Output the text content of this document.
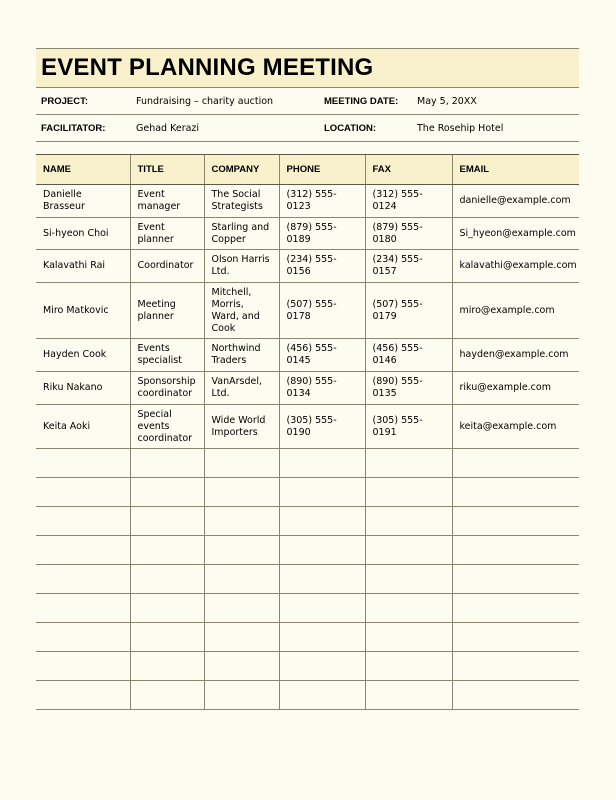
EVENT PLANNING MEETING
PROJECT:	Fundraising – charity auction	MEETING DATE:	May 5, 20XX
FACILITATOR:	Gehad Kerazi	LOCATION:	The Rosehip Hotel
NAME	TITLE	COMPANY	PHONE	FAX	EMAIL
Danielle Brasseur	Event manager	The Social Strategists	(312) 555-0123	(312) 555-0124	danielle@example.com
Si-hyeon Choi	Event planner	Starling and Copper	(879) 555-0189	(879) 555-0180	Si_hyeon@example.com
Kalavathi Rai	Coordinator	Olson Harris Ltd.	(234) 555-0156	(234) 555-0157	kalavathi@example.com
Miro Matkovic	Meeting planner	Mitchell, Morris, Ward, and Cook	(507) 555-0178	(507) 555-0179	miro@example.com
Hayden Cook	Events specialist	Northwind Traders	(456) 555-0145	(456) 555-0146	hayden@example.com
Riku Nakano	Sponsorship coordinator	VanArsdel, Ltd.	(890) 555-0134	(890) 555-0135	riku@example.com
Keita Aoki	Special events coordinator	Wide World Importers	(305) 555-0190	(305) 555-0191	keita@example.com
